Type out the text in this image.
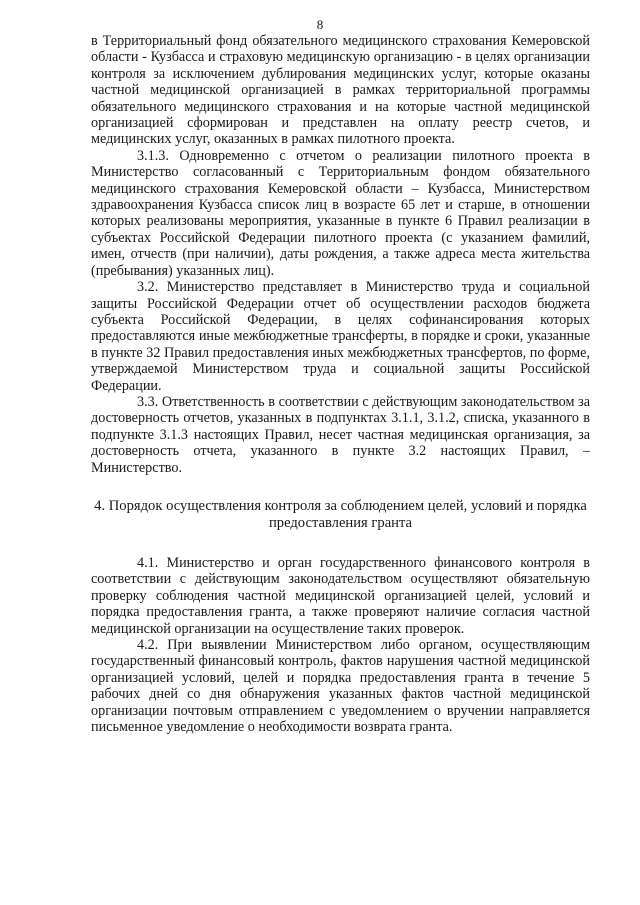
8

в Территориальный фонд обязательного медицинского страхования Кемеровской области - Кузбасса и страховую медицинскую организацию - в целях организации контроля за исключением дублирования медицинских услуг, которые оказаны частной медицинской организацией в рамках территориальной программы обязательного медицинского страхования и на которые частной медицинской организацией сформирован и представлен на оплату реестр счетов, и медицинских услуг, оказанных в рамках пилотного проекта.

3.1.3. Одновременно с отчетом о реализации пилотного проекта в Министерство согласованный с Территориальным фондом обязательного медицинского страхования Кемеровской области – Кузбасса, Министерством здравоохранения Кузбасса список лиц в возрасте 65 лет и старше, в отношении которых реализованы мероприятия, указанные в пункте 6 Правил реализации в субъектах Российской Федерации пилотного проекта (с указанием фамилий, имен, отчеств (при наличии), даты рождения, а также адреса места жительства (пребывания) указанных лиц).

3.2. Министерство представляет в Министерство труда и социальной защиты Российской Федерации отчет об осуществлении расходов бюджета субъекта Российской Федерации, в целях софинансирования которых предоставляются иные межбюджетные трансферты, в порядке и сроки, указанные в пункте 32 Правил предоставления иных межбюджетных трансфертов, по форме, утверждаемой Министерством труда и социальной защиты Российской Федерации.

3.3. Ответственность в соответствии с действующим законодательством за достоверность отчетов, указанных в подпунктах 3.1.1, 3.1.2, списка, указанного в подпункте 3.1.3 настоящих Правил, несет частная медицинская организация, за достоверность отчета, указанного в пункте 3.2 настоящих Правил, – Министерство.

4. Порядок осуществления контроля за соблюдением целей, условий и порядка предоставления гранта

4.1. Министерство и орган государственного финансового контроля в соответствии с действующим законодательством осуществляют обязательную проверку соблюдения частной медицинской организацией целей, условий и порядка предоставления гранта, а также проверяют наличие согласия частной медицинской организации на осуществление таких проверок.

4.2. При выявлении Министерством либо органом, осуществляющим государственный финансовый контроль, фактов нарушения частной медицинской организацией условий, целей и порядка предоставления гранта в течение 5 рабочих дней со дня обнаружения указанных фактов частной медицинской организации почтовым отправлением с уведомлением о вручении направляется письменное уведомление о необходимости возврата гранта.
